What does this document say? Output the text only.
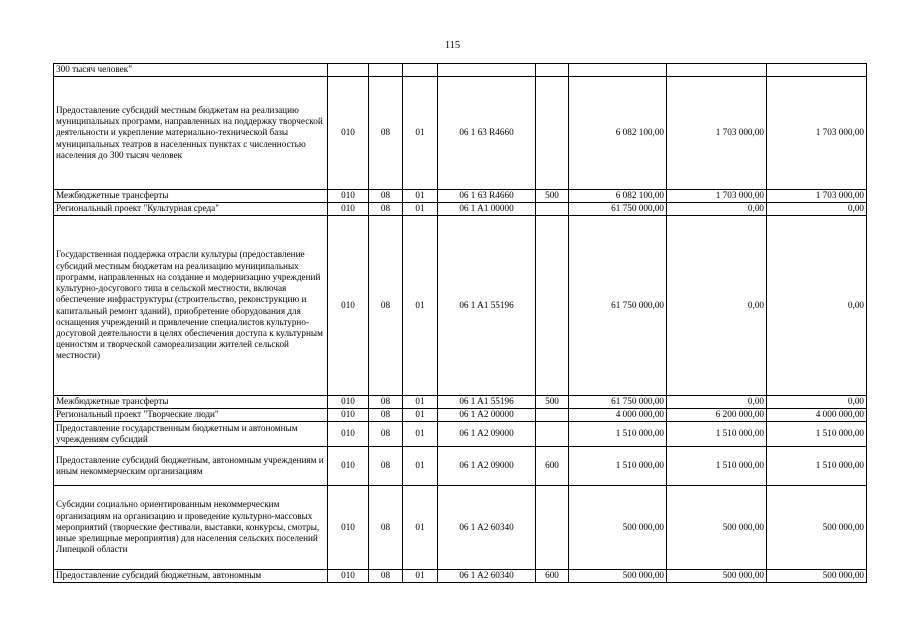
115
300 тысяч человек"								
Предоставление субсидий местным бюджетам на реализацию муниципальных программ, направленных на поддержку творческой деятельности и укрепление материально-технической базы муниципальных театров в населенных пунктах с численностью населения до 300 тысяч человек	010	08	01	06 1 63 R4660		6 082 100,00	1 703 000,00	1 703 000,00
Межбюджетные трансферты	010	08	01	06 1 63 R4660	500	6 082 100,00	1 703 000,00	1 703 000,00
Региональный проект "Культурная среда"	010	08	01	06 1 A1 00000		61 750 000,00	0,00	0,00
Государственная поддержка отрасли культуры (предоставление субсидий местным бюджетам на реализацию муниципальных программ, направленных на создание и модернизацию учреждений культурно-досугового типа в сельской местности, включая обеспечение инфраструктуры (строительство, реконструкцию и капитальный ремонт зданий), приобретение оборудования для оснащения учреждений и привлечение специалистов культурно-досуговой деятельности в целях обеспечения доступа к культурным ценностям и творческой самореализации жителей сельской местности)	010	08	01	06 1 A1 55196		61 750 000,00	0,00	0,00
Межбюджетные трансферты	010	08	01	06 1 A1 55196	500	61 750 000,00	0,00	0,00
Региональный проект "Творческие люди"	010	08	01	06 1 A2 00000		4 000 000,00	6 200 000,00	4 000 000,00
Предоставление государственным бюджетным и автономным учреждениям субсидий	010	08	01	06 1 A2 09000		1 510 000,00	1 510 000,00	1 510 000,00
Предоставление субсидий бюджетным, автономным учреждениям и иным некоммерческим организациям	010	08	01	06 1 A2 09000	600	1 510 000,00	1 510 000,00	1 510 000,00
Субсидии социально ориентированным некоммерческим организациям на организацию и проведение культурно-массовых мероприятий (творческие фестивали, выставки, конкурсы, смотры, иные зрелищные мероприятия) для населения сельских поселений Липецкой области	010	08	01	06 1 A2 60340		500 000,00	500 000,00	500 000,00
Предоставление субсидий бюджетным, автономным	010	08	01	06 1 A2 60340	600	500 000,00	500 000,00	500 000,00
